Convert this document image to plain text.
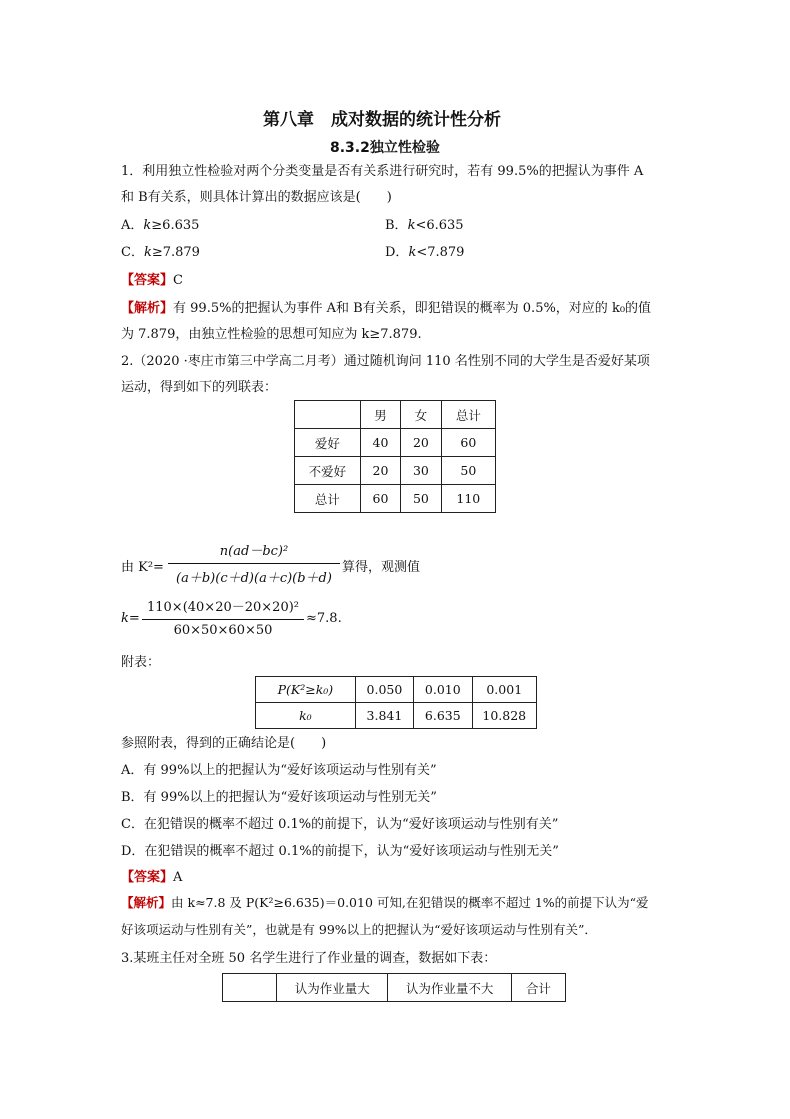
第八章　成对数据的统计性分析
8.3.2独立性检验
1．利用独立性检验对两个分类变量是否有关系进行研究时，若有 99.5%的把握认为事件 A
和 B有关系，则具体计算出的数据应该是(　　)
A．k≥6.635	B．k<6.635
C．k≥7.879	D．k<7.879
【答案】C
【解析】有 99.5%的把握认为事件 A和 B有关系，即犯错误的概率为 0.5%，对应的 k₀的值
为 7.879，由独立性检验的思想可知应为 k≥7.879.
2.（2020 ·枣庄市第三中学高二月考）通过随机询问 110 名性别不同的大学生是否爱好某项
运动，得到如下的列联表：
	男	女	总计
爱好	40	20	60
不爱好	20	30	50
总计	60	50	110
由 K²=
n(ad－bc)²
(a＋b)(c＋d)(a＋c)(b＋d)
算得，观测值
k=
110×(40×20－20×20)²
60×50×60×50
≈7.8.
附表：
P(K²≥k₀)	0.050	0.010	0.001
k₀	3.841	6.635	10.828
参照附表，得到的正确结论是(　　)
A．有 99%以上的把握认为“爱好该项运动与性别有关”
B．有 99%以上的把握认为“爱好该项运动与性别无关”
C．在犯错误的概率不超过 0.1%的前提下，认为“爱好该项运动与性别有关”
D．在犯错误的概率不超过 0.1%的前提下，认为“爱好该项运动与性别无关”
【答案】A
【解析】由 k≈7.8 及 P(K²≥6.635)＝0.010 可知,在犯错误的概率不超过 1%的前提下认为“爱
好该项运动与性别有关”，也就是有 99%以上的把握认为“爱好该项运动与性别有关”．
3.某班主任对全班 50 名学生进行了作业量的调查，数据如下表：
	认为作业量大	认为作业量不大	合计
